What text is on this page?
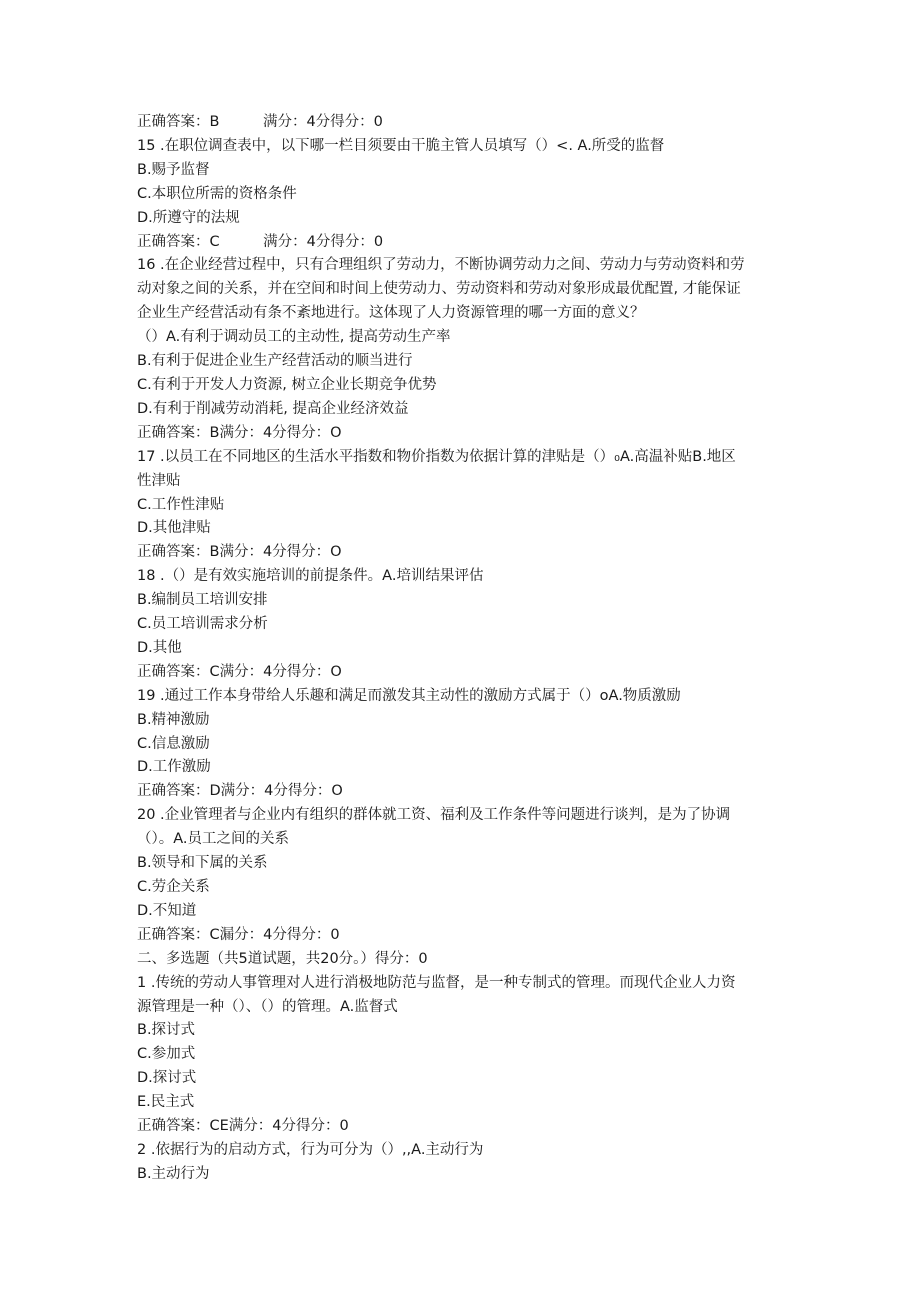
正确答案：B　　　满分：4分得分：0
15 .在职位调查表中，以下哪一栏目须要由干脆主管人员填写（）<. A.所受的监督
B.赐予监督
C.本职位所需的资格条件
D.所遵守的法规
正确答案：C　　　满分：4分得分：0
16 .在企业经营过程中，只有合理组织了劳动力，不断协调劳动力之间、劳动力与劳动资料和劳
动对象之间的关系，并在空间和时间上使劳动力、劳动资料和劳动对象形成最优配置, 才能保证
企业生产经营活动有条不紊地进行。这体现了人力资源管理的哪一方面的意义？
（）A.有利于调动员工的主动性, 提高劳动生产率
B.有利于促进企业生产经营活动的顺当进行
C.有利于开发人力资源, 树立企业长期竞争优势
D.有利于削减劳动消耗, 提高企业经济效益
正确答案：B满分：4分得分：O
17 .以员工在不同地区的生活水平指数和物价指数为依据计算的津贴是（）₀A.高温补贴B.地区
性津贴
C.工作性津贴
D.其他津贴
正确答案：B满分：4分得分：O
18 .（）是有效实施培训的前提条件。A.培训结果评估
B.编制员工培训安排
C.员工培训需求分析
D.其他
正确答案：C满分：4分得分：O
19 .通过工作本身带给人乐趣和满足而激发其主动性的激励方式属于（）oA.物质激励
B.精神激励
C.信息激励
D.工作激励
正确答案：D满分：4分得分：O
20 .企业管理者与企业内有组织的群体就工资、福利及工作条件等问题进行谈判，是为了协调
（）。A.员工之间的关系
B.领导和下属的关系
C.劳企关系
D.不知道
正确答案：C漏分：4分得分：0
二、多选题（共5道试题，共20分。）得分：0
1 .传统的劳动人事管理对人进行消极地防范与监督，是一种专制式的管理。而现代企业人力资
源管理是一种（）、（）的管理。A.监督式
B.探讨式
C.参加式
D.探讨式
E.民主式
正确答案：CE满分：4分得分：0
2 .依据行为的启动方式，行为可分为（）,,A.主动行为
B.主动行为
